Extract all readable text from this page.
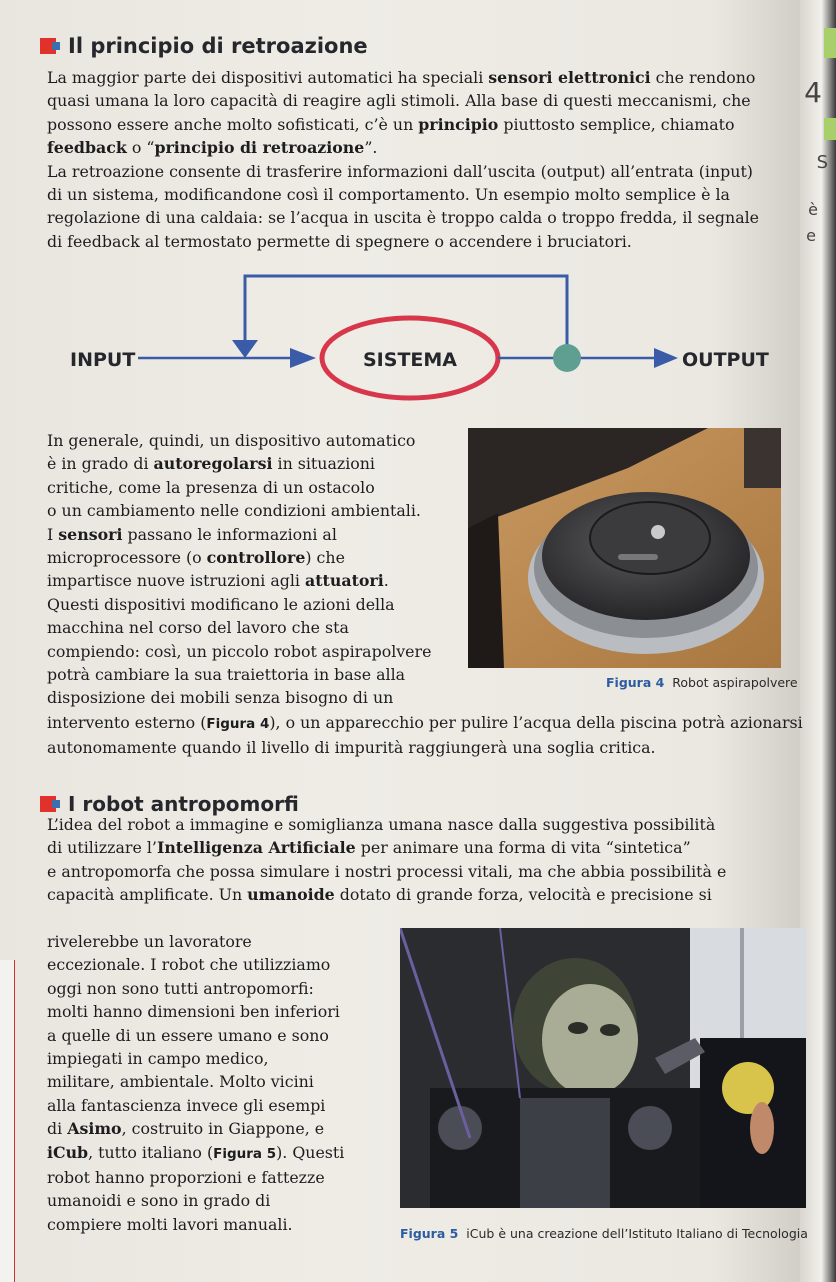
4
S
è
e
Il principio di retroazione

La maggior parte dei dispositivi automatici ha speciali sensori elettronici che rendono

quasi umana la loro capacità di reagire agli stimoli. Alla base di questi meccanismi, che

possono essere anche molto sofisticati, c’è un principio piuttosto semplice, chiamato

feedback o “principio di retroazione”.

La retroazione consente di trasferire informazioni dall’uscita (output) all’entrata (input)

di un sistema, modificandone così il comportamento. Un esempio molto semplice è la

regolazione di una caldaia: se l’acqua in uscita è troppo calda o troppo fredda, il segnale

di feedback al termostato permette di spegnere o accendere i bruciatori.

INPUT	SISTEMA	OUTPUT

In generale, quindi, un dispositivo automatico

è in grado di autoregolarsi in situazioni

critiche, come la presenza di un ostacolo

o un cambiamento nelle condizioni ambientali.

I sensori passano le informazioni al

microprocessore (o controllore) che

impartisce nuove istruzioni agli attuatori.

Questi dispositivi modificano le azioni della

macchina nel corso del lavoro che sta

compiendo: così, un piccolo robot aspirapolvere

potrà cambiare la sua traiettoria in base alla

disposizione dei mobili senza bisogno di un

intervento esterno (Figura 4), o un apparecchio per pulire l’acqua della piscina potrà azionarsi

autonomamente quando il livello di impurità raggiungerà una soglia critica.

Figura 4 Robot aspirapolvere
I robot antropomorfi

L’idea del robot a immagine e somiglianza umana nasce dalla suggestiva possibilità

di utilizzare l’Intelligenza Artificiale per animare una forma di vita “sintetica”

e antropomorfa che possa simulare i nostri processi vitali, ma che abbia possibilità e

capacità amplificate. Un umanoide dotato di grande forza, velocità e precisione si

rivelerebbe un lavoratore

eccezionale. I robot che utilizziamo

oggi non sono tutti antropomorfi:

molti hanno dimensioni ben inferiori

a quelle di un essere umano e sono

impiegati in campo medico,

militare, ambientale. Molto vicini

alla fantascienza invece gli esempi

di Asimo, costruito in Giappone, e

iCub, tutto italiano (Figura 5). Questi

robot hanno proporzioni e fattezze

umanoidi e sono in grado di

compiere molti lavori manuali.	Figura 5 iCub è una creazione dell’Istituto Italiano di Tecnologia
